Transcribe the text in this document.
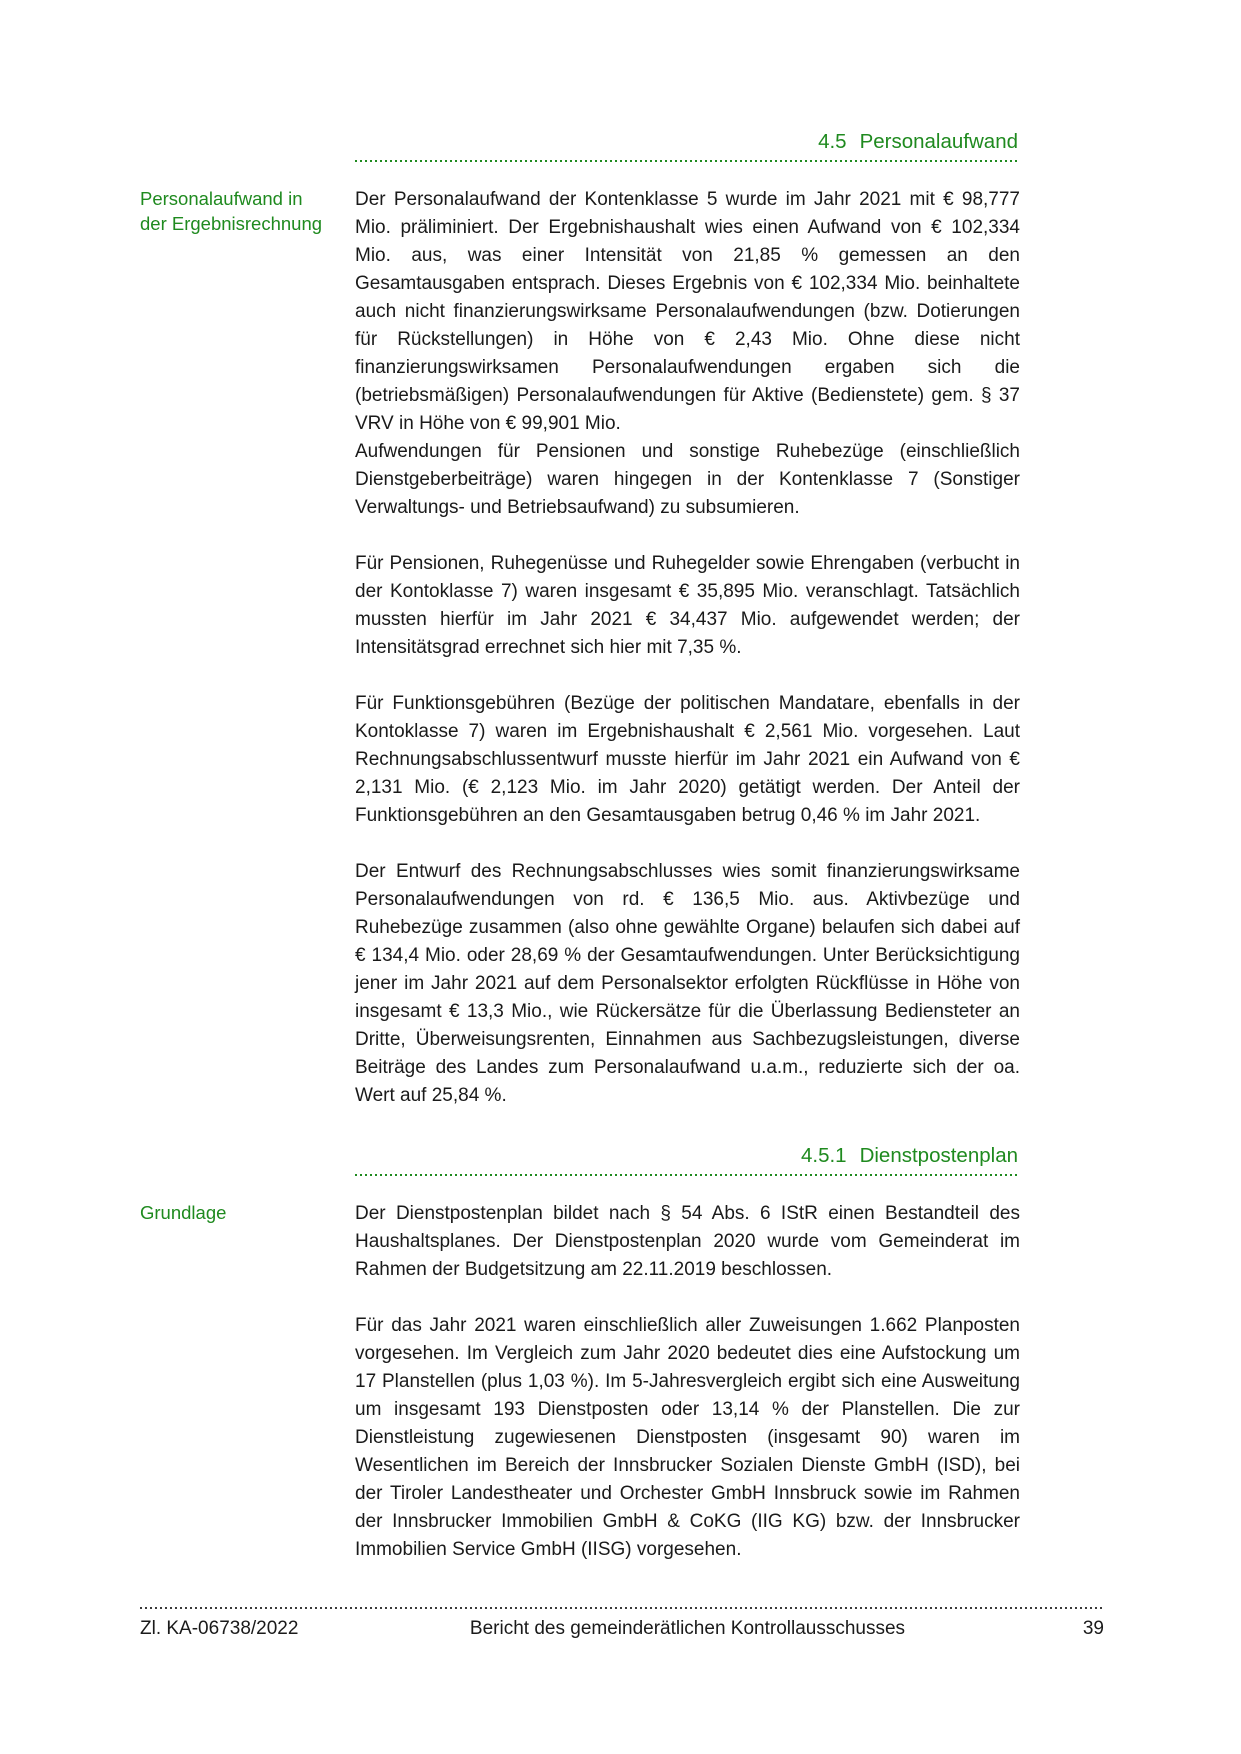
4.5 Personalaufwand
Personalaufwand in der Ergebnisrechnung

Der Personalaufwand der Kontenklasse 5 wurde im Jahr 2021 mit € 98,777 Mio. präliminiert. Der Ergebnishaushalt wies einen Aufwand von € 102,334 Mio. aus, was einer Intensität von 21,85 % gemessen an den Gesamtausgaben entsprach. Dieses Ergebnis von € 102,334 Mio. beinhaltete auch nicht finanzierungswirksame Personalaufwendungen (bzw. Dotierungen für Rückstellungen) in Höhe von € 2,43 Mio. Ohne diese nicht finanzierungswirksamen Personalaufwendungen ergaben sich die (betriebsmäßigen) Personalaufwendungen für Aktive (Bedienstete) gem. § 37 VRV in Höhe von € 99,901 Mio.

Aufwendungen für Pensionen und sonstige Ruhebezüge (einschließlich Dienstgeberbeiträge) waren hingegen in der Kontenklasse 7 (Sonstiger Verwaltungs- und Betriebsaufwand) zu subsumieren.

Für Pensionen, Ruhegenüsse und Ruhegelder sowie Ehrengaben (verbucht in der Kontoklasse 7) waren insgesamt € 35,895 Mio. veranschlagt. Tatsächlich mussten hierfür im Jahr 2021 € 34,437 Mio. aufgewendet werden; der Intensitätsgrad errechnet sich hier mit 7,35 %.

Für Funktionsgebühren (Bezüge der politischen Mandatare, ebenfalls in der Kontoklasse 7) waren im Ergebnishaushalt € 2,561 Mio. vorgesehen. Laut Rechnungsabschlussentwurf musste hierfür im Jahr 2021 ein Aufwand von € 2,131 Mio. (€ 2,123 Mio. im Jahr 2020) getätigt werden. Der Anteil der Funktionsgebühren an den Gesamtausgaben betrug 0,46 % im Jahr 2021.

Der Entwurf des Rechnungsabschlusses wies somit finanzierungswirksame Personalaufwendungen von rd. € 136,5 Mio. aus. Aktivbezüge und Ruhebezüge zusammen (also ohne gewählte Organe) belaufen sich dabei auf € 134,4 Mio. oder 28,69 % der Gesamtaufwendungen. Unter Berücksichtigung jener im Jahr 2021 auf dem Personalsektor erfolgten Rückflüsse in Höhe von insgesamt € 13,3 Mio., wie Rückersätze für die Überlassung Bediensteter an Dritte, Überweisungsrenten, Einnahmen aus Sachbezugsleistungen, diverse Beiträge des Landes zum Personalaufwand u.a.m., reduzierte sich der oa. Wert auf 25,84 %.

4.5.1 Dienstpostenplan
Grundlage	Der Dienstpostenplan bildet nach § 54 Abs. 6 IStR einen Bestandteil des Haushaltsplanes. Der Dienstpostenplan 2020 wurde vom Gemeinderat im Rahmen der Budgetsitzung am 22.11.2019 beschlossen.

Für das Jahr 2021 waren einschließlich aller Zuweisungen 1.662 Planposten vorgesehen. Im Vergleich zum Jahr 2020 bedeutet dies eine Aufstockung um 17 Planstellen (plus 1,03 %). Im 5-Jahresvergleich ergibt sich eine Ausweitung um insgesamt 193 Dienstposten oder 13,14 % der Planstellen. Die zur Dienstleistung zugewiesenen Dienstposten (insgesamt 90) waren im Wesentlichen im Bereich der Innsbrucker Sozialen Dienste GmbH (ISD), bei der Tiroler Landestheater und Orchester GmbH Innsbruck sowie im Rahmen der Innsbrucker Immobilien GmbH & CoKG (IIG KG) bzw. der Innsbrucker Immobilien Service GmbH (IISG) vorgesehen.

Zl. KA-06738/2022	Bericht des gemeinderätlichen Kontrollausschusses	39
